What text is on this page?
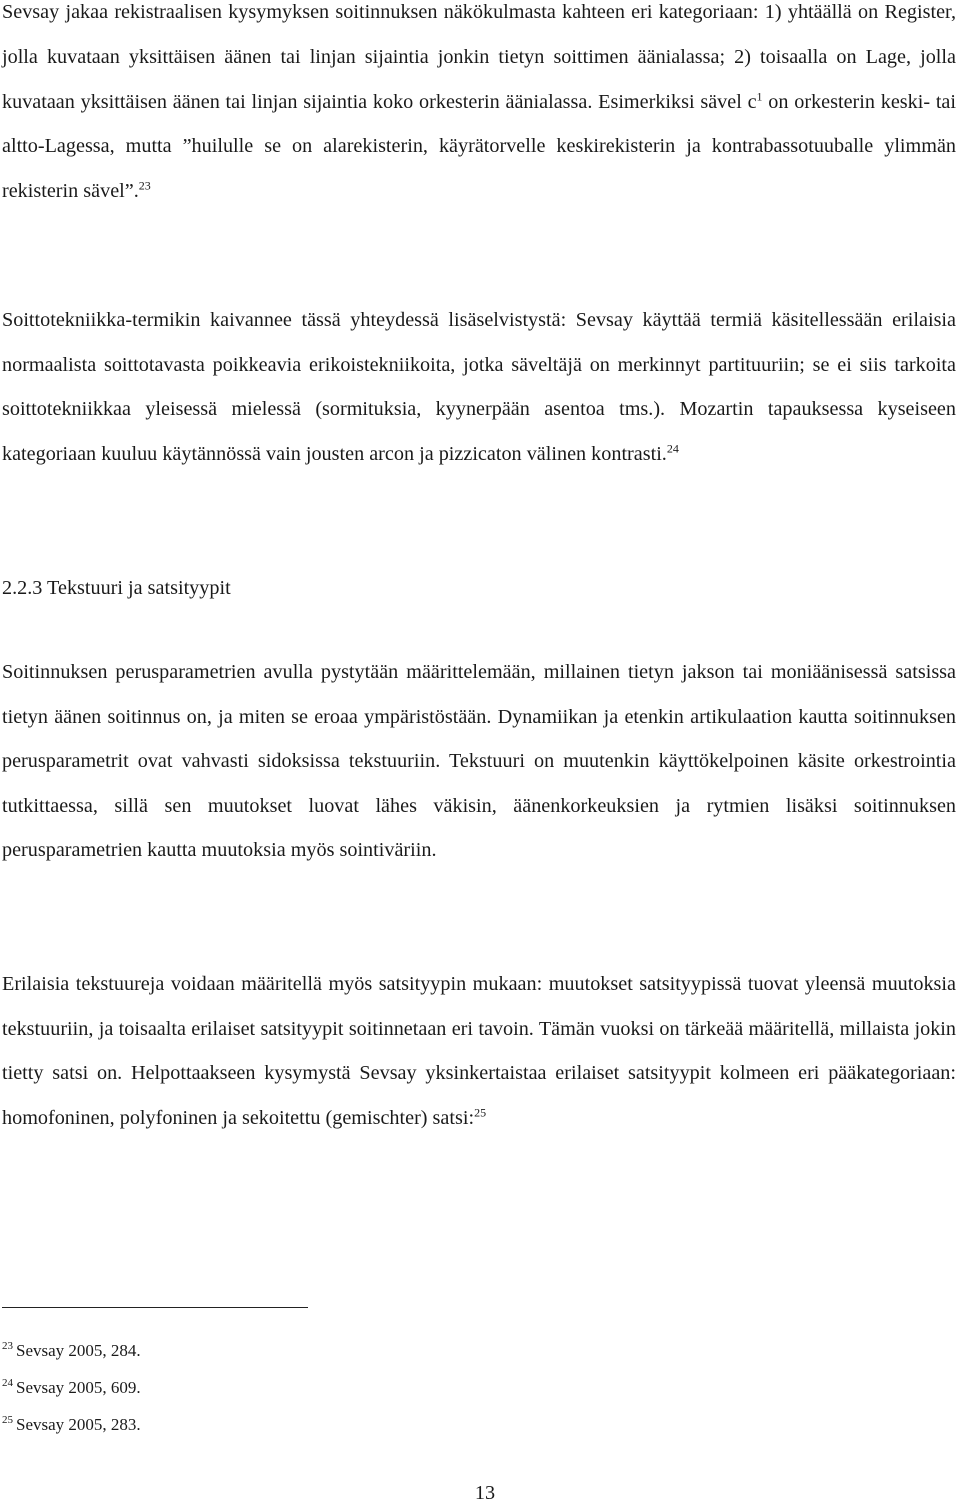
Sevsay jakaa rekistraalisen kysymyksen soitinnuksen näkökulmasta kahteen eri kategoriaan: 1) yhtäällä on Register, jolla kuvataan yksittäisen äänen tai linjan sijaintia jonkin tietyn soittimen äänialassa; 2) toisaalla on Lage, jolla kuvataan yksittäisen äänen tai linjan sijaintia koko orkesterin äänialassa. Esimerkiksi sävel $c^1$ on orkesterin keski- tai altto-Lagessa, mutta ”huilulle se on alarekisterin, käyrätorvelle keskirekisterin ja kontrabassotuuballe ylimmän rekisterin sävel”.$^{23}$

Soittotekniikka-termikin kaivannee tässä yhteydessä lisäselvistystä: Sevsay käyttää termiä käsitellessään erilaisia normaalista soittotavasta poikkeavia erikoistekniikoita, jotka säveltäjä on merkinnyt partituuriin; se ei siis tarkoita soittotekniikkaa yleisessä mielessä (sormituksia, kyynerpään asentoa tms.). Mozartin tapauksessa kyseiseen kategoriaan kuuluu käytännössä vain jousten arcon ja pizzicaton välinen kontrasti.$^{24}$

2.2.3 Tekstuuri ja satsityypit

Soitinnuksen perusparametrien avulla pystytään määrittelemään, millainen tietyn jakson tai moniäänisessä satsissa tietyn äänen soitinnus on, ja miten se eroaa ympäristöstään. Dynamiikan ja etenkin artikulaation kautta soitinnuksen perusparametrit ovat vahvasti sidoksissa tekstuuriin. Tekstuuri on muutenkin käyttökelpoinen käsite orkestrointia tutkittaessa, sillä sen muutokset luovat lähes väkisin, äänenkorkeuksien ja rytmien lisäksi soitinnuksen perusparametrien kautta muutoksia myös sointiväriin.

Erilaisia tekstuureja voidaan määritellä myös satsityypin mukaan: muutokset satsityypissä tuovat yleensä muutoksia tekstuuriin, ja toisaalta erilaiset satsityypit soitinnetaan eri tavoin. Tämän vuoksi on tärkeää määritellä, millaista jokin tietty satsi on. Helpottaakseen kysymystä Sevsay yksinkertaistaa erilaiset satsityypit kolmeen eri pääkategoriaan: homofoninen, polyfoninen ja sekoitettu (gemischter) satsi:$^{25}$

$^{23}$ Sevsay 2005, 284.
$^{24}$ Sevsay 2005, 609.
$^{25}$ Sevsay 2005, 283.
13
